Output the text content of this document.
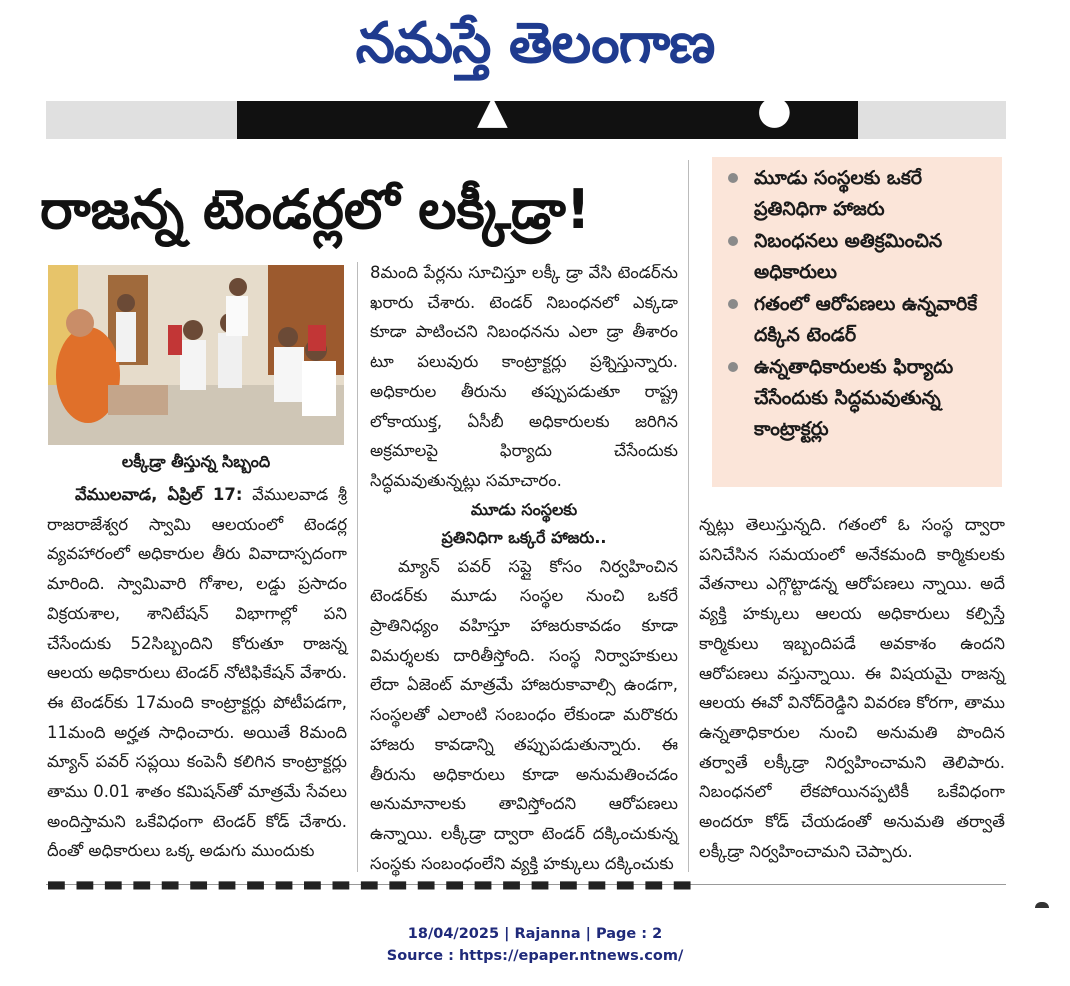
నమస్తే తెలంగాణ
▲	●
రాజన్న టెండర్లలో లక్కీడ్రా!	మూడు సంస్థలకు ఒకరే ప్రతినిధిగా హాజరు
నిబంధనలు అతిక్రమించిన అధికారులు
గతంలో ఆరోపణలు ఉన్నవారికే దక్కిన టెండర్
ఉన్నతాధికారులకు ఫిర్యాదు చేసేందుకు సిద్ధమవుతున్న కాంట్రాక్టర్లు
లక్కీడ్రా తీస్తున్న సిబ్బంది

వేములవాడ, ఏప్రిల్ 17: వేములవాడ శ్రీ రాజరాజేశ్వర స్వామి ఆలయంలో టెండర్ల వ్యవహారంలో అధికారుల తీరు వివాదాస్పదంగా మారింది. స్వామివారి గోశాల, లడ్డు ప్రసాదం విక్రయశాల, శానిటేషన్ విభాగాల్లో పని చేసేందుకు 52సిబ్బందిని కోరుతూ రాజన్న ఆలయ అధికారులు టెండర్ నోటిఫికేషన్ వేశారు. ఈ టెండర్‌కు 17మంది కాంట్రాక్టర్లు పోటీపడగా, 11మంది అర్హత సాధించారు. అయితే 8మంది మ్యాన్ పవర్ సప్లయి కంపెనీ కలిగిన కాంట్రాక్టర్లు తాము 0.01 శాతం కమిషన్‌తో మాత్రమే సేవలు అందిస్తామని ఒకేవిధంగా టెండర్ కోడ్ చేశారు. దీంతో అధికారులు ఒక్క అడుగు ముందుకు

8మంది పేర్లను సూచిస్తూ లక్కీ డ్రా వేసి టెండర్‌ను ఖరారు చేశారు. టెండర్ నిబంధనలో ఎక్కడా కూడా పాటించని నిబంధనను ఎలా డ్రా తీశారం టూ పలువురు కాంట్రాక్టర్లు ప్రశ్నిస్తున్నారు. అధికారుల తీరును తప్పుపడుతూ రాష్ట్ర లోకాయుక్త, ఏసీబీ అధికారులకు జరిగిన అక్రమాలపై ఫిర్యాదు చేసేందుకు సిద్ధమవుతున్నట్లు సమాచారం.

మూడు సంస్థలకు
ప్రతినిధిగా ఒక్కరే హాజరు..

మ్యాన్ పవర్ సప్లై కోసం నిర్వహించిన టెండర్‌కు మూడు సంస్థల నుంచి ఒకరే ప్రాతినిధ్యం వహిస్తూ హాజరుకావడం కూడా విమర్శలకు దారితీస్తోంది. సంస్థ నిర్వాహకులు లేదా ఏజెంట్ మాత్రమే హాజరుకావాల్సి ఉండగా, సంస్థలతో ఎలాంటి సంబంధం లేకుండా మరొకరు హాజరు కావడాన్ని తప్పుపడుతున్నారు. ఈ తీరును అధికారులు కూడా అనుమతించడం అనుమానాలకు తావిస్తోందని ఆరోపణలు ఉన్నాయి. లక్కీడ్రా ద్వారా టెండర్ దక్కించుకున్న సంస్థకు సంబంధంలేని వ్యక్తి హక్కులు దక్కించుకు

న్నట్లు తెలుస్తున్నది. గతంలో ఓ సంస్థ ద్వారా పనిచేసిన సమయంలో అనేకమంది కార్మికులకు వేతనాలు ఎగ్గొట్టాడన్న ఆరోపణలు న్నాయి. అదే వ్యక్తి హక్కులు ఆలయ అధికారులు కల్పిస్తే కార్మికులు ఇబ్బందిపడే అవకాశం ఉందని ఆరోపణలు వస్తున్నాయి. ఈ విషయమై రాజన్న ఆలయ ఈవో వినోద్‌రెడ్డిని వివరణ కోరగా, తాము ఉన్నతాధికారుల నుంచి అనుమతి పొందిన తర్వాతే లక్కీడ్రా నిర్వహించామని తెలిపారు. నిబంధనలో లేకపోయినప్పటికీ ఒకేవిధంగా అందరూ కోడ్ చేయడంతో అనుమతి తర్వాతే లక్కీడ్రా నిర్వహించామని చెప్పారు.

▬ ▬ ▬ ▬ ▬ ▬ ▬ ▬ ▬ ▬ ▬ ▬ ▬ ▬ ▬ ▬ ▬ ▬ ▬ ▬ ▬ ▬ ▬
18/04/2025 | Rajanna | Page : 2
Source : https://epaper.ntnews.com/
